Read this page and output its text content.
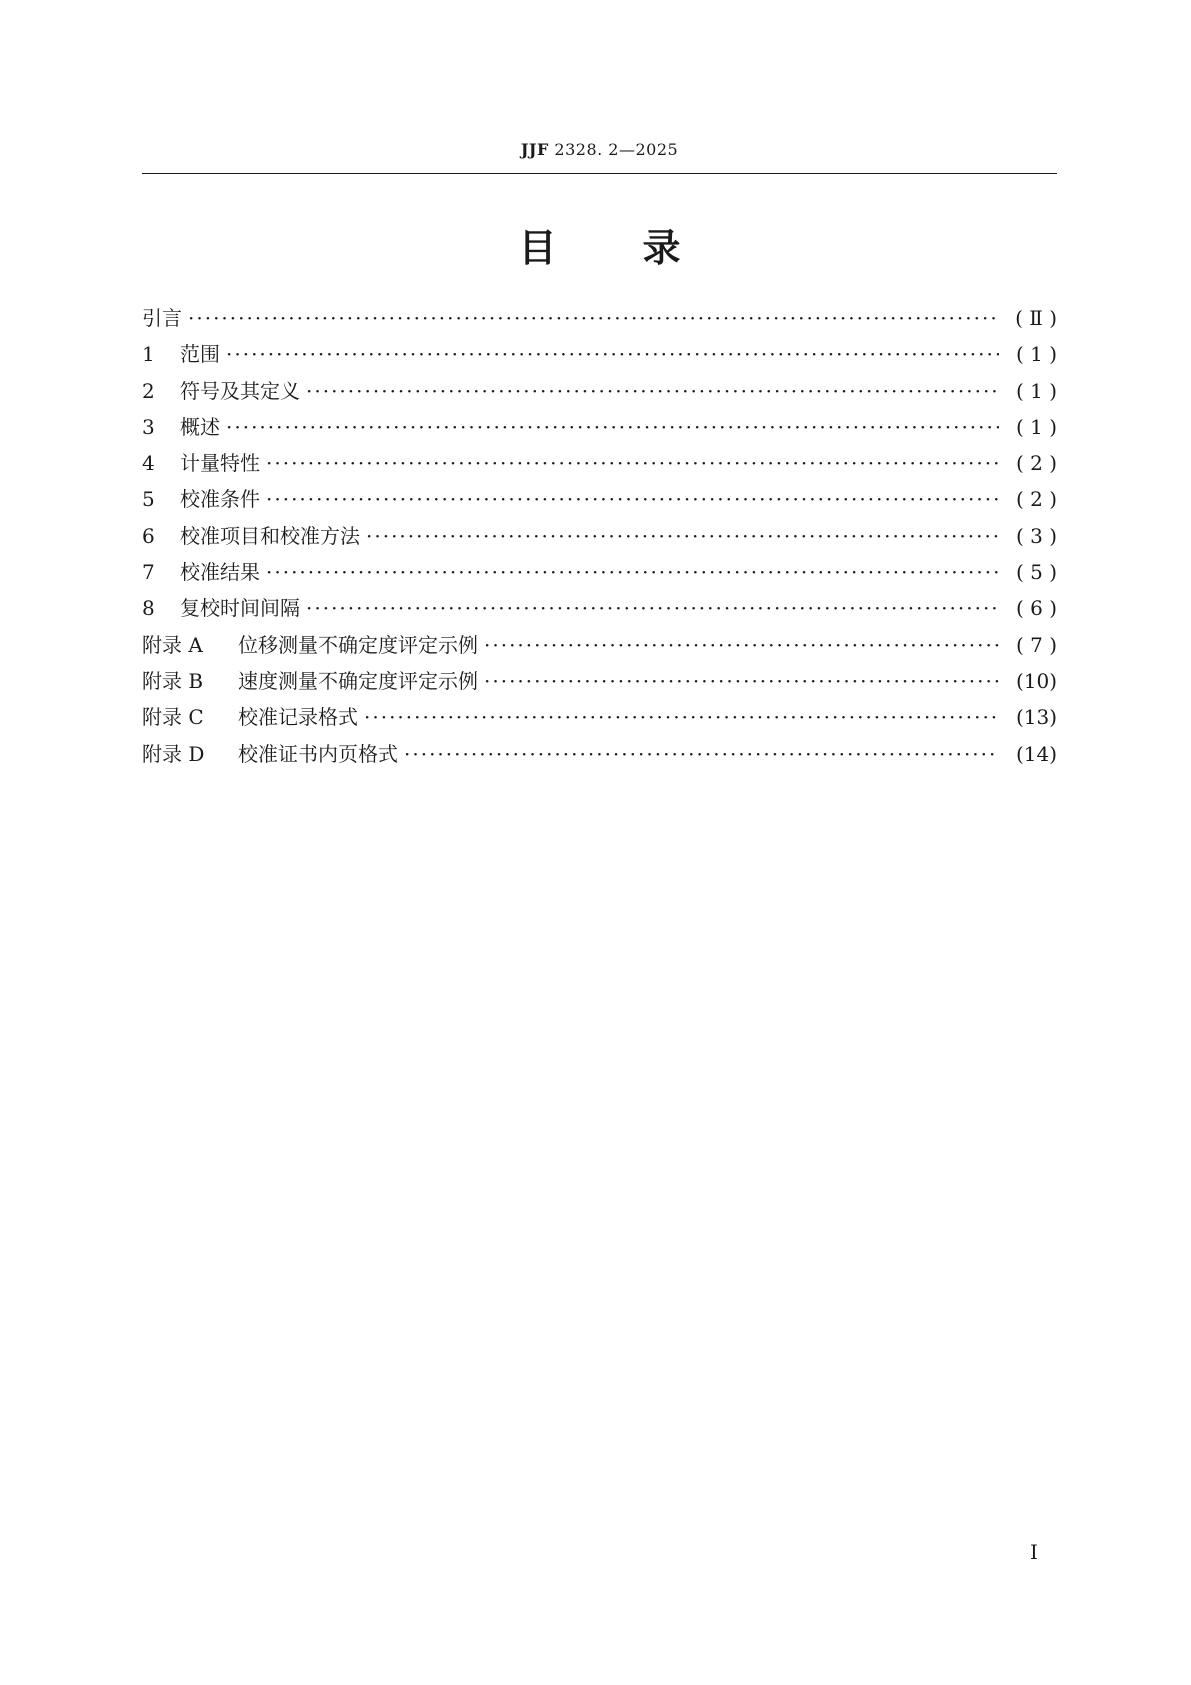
JJF 2328. 2—2025
目 录
引言 ·····	( Ⅱ )
1	范围 ·····	( 1 )
2	符号及其定义 ·····	( 1 )
3	概述 ·····	( 1 )
4	计量特性 ·····	( 2 )
5	校准条件 ·····	( 2 )
6	校准项目和校准方法 ·····	( 3 )
7	校准结果 ·····	( 5 )
8	复校时间间隔 ·····	( 6 )
附录 A	位移测量不确定度评定示例 ·····	( 7 )
附录 B	速度测量不确定度评定示例 ·····	(10)
附录 C	校准记录格式 ·····	(13)
附录 D	校准证书内页格式 ·····	(14)
Ⅰ
